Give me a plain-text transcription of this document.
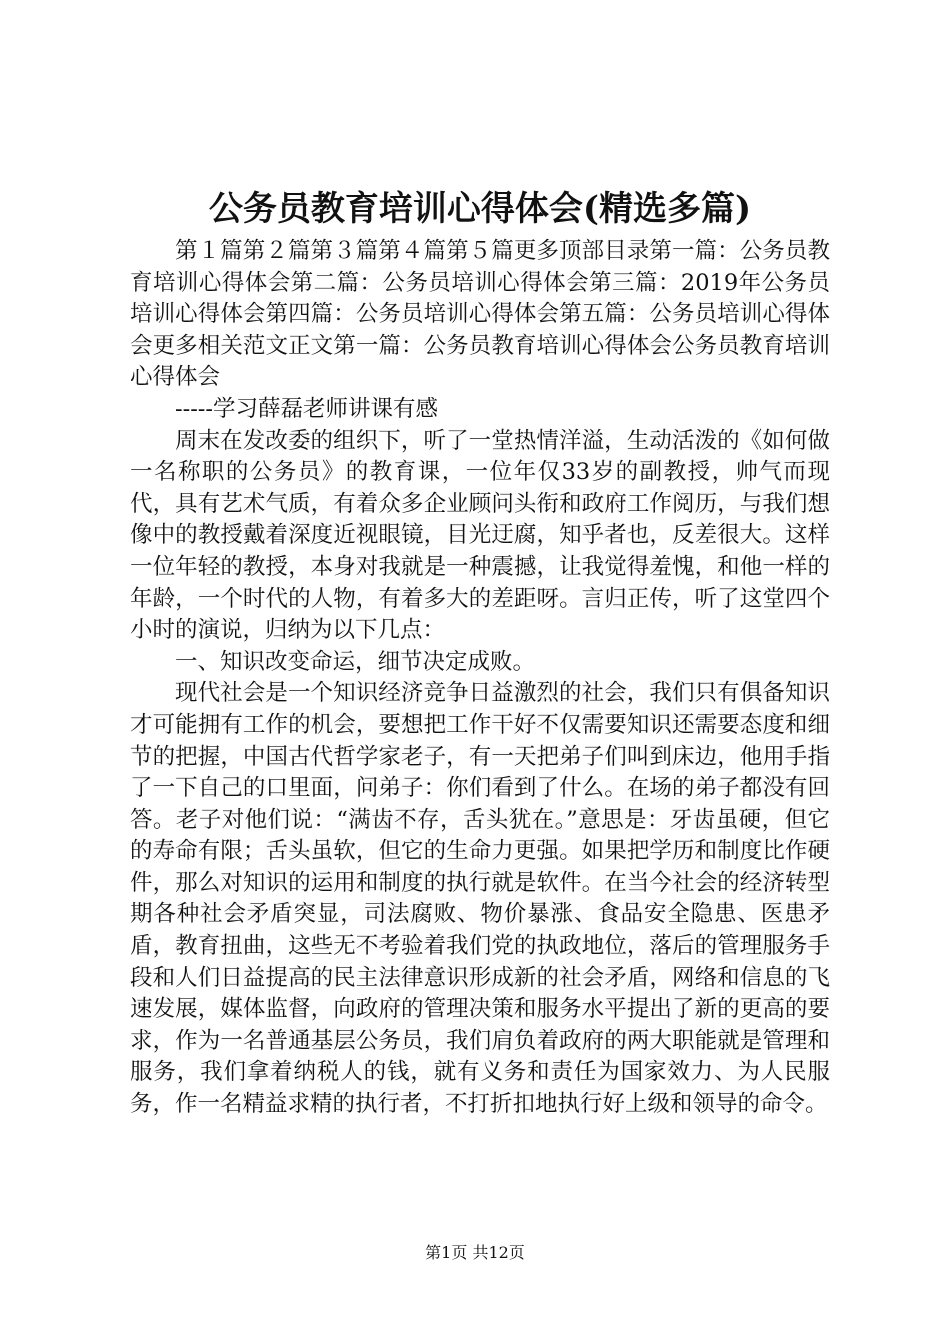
公务员教育培训心得体会(精选多篇)

第１篇第２篇第３篇第４篇第５篇更多顶部目录第一篇：公务员教育培训心得体会第二篇：公务员培训心得体会第三篇：2019年公务员培训心得体会第四篇：公务员培训心得体会第五篇：公务员培训心得体会更多相关范文正文第一篇：公务员教育培训心得体会公务员教育培训心得体会

-----学习薛磊老师讲课有感

周末在发改委的组织下，听了一堂热情洋溢，生动活泼的《如何做一名称职的公务员》的教育课，一位年仅33岁的副教授，帅气而现代，具有艺术气质，有着众多企业顾问头衔和政府工作阅历，与我们想像中的教授戴着深度近视眼镜，目光迂腐，知乎者也，反差很大。这样一位年轻的教授，本身对我就是一种震撼，让我觉得羞愧，和他一样的年龄，一个时代的人物，有着多大的差距呀。言归正传，听了这堂四个小时的演说，归纳为以下几点：

一、知识改变命运，细节决定成败。

现代社会是一个知识经济竞争日益激烈的社会，我们只有俱备知识才可能拥有工作的机会，要想把工作干好不仅需要知识还需要态度和细节的把握，中国古代哲学家老子，有一天把弟子们叫到床边，他用手指了一下自己的口里面，问弟子：你们看到了什么。在场的弟子都没有回答。老子对他们说：“满齿不存，舌头犹在。”意思是：牙齿虽硬，但它的寿命有限；舌头虽软，但它的生命力更强。如果把学历和制度比作硬件，那么对知识的运用和制度的执行就是软件。在当今社会的经济转型期各种社会矛盾突显，司法腐败、物价暴涨、食品安全隐患、医患矛盾，教育扭曲，这些无不考验着我们党的执政地位，落后的管理服务手段和人们日益提高的民主法律意识形成新的社会矛盾，网络和信息的飞速发展，媒体监督，向政府的管理决策和服务水平提出了新的更高的要求，作为一名普通基层公务员，我们肩负着政府的两大职能就是管理和服务，我们拿着纳税人的钱，就有义务和责任为国家效力、为人民服务，作一名精益求精的执行者，不打折扣地执行好上级和领导的命令。

第1页 共12页
